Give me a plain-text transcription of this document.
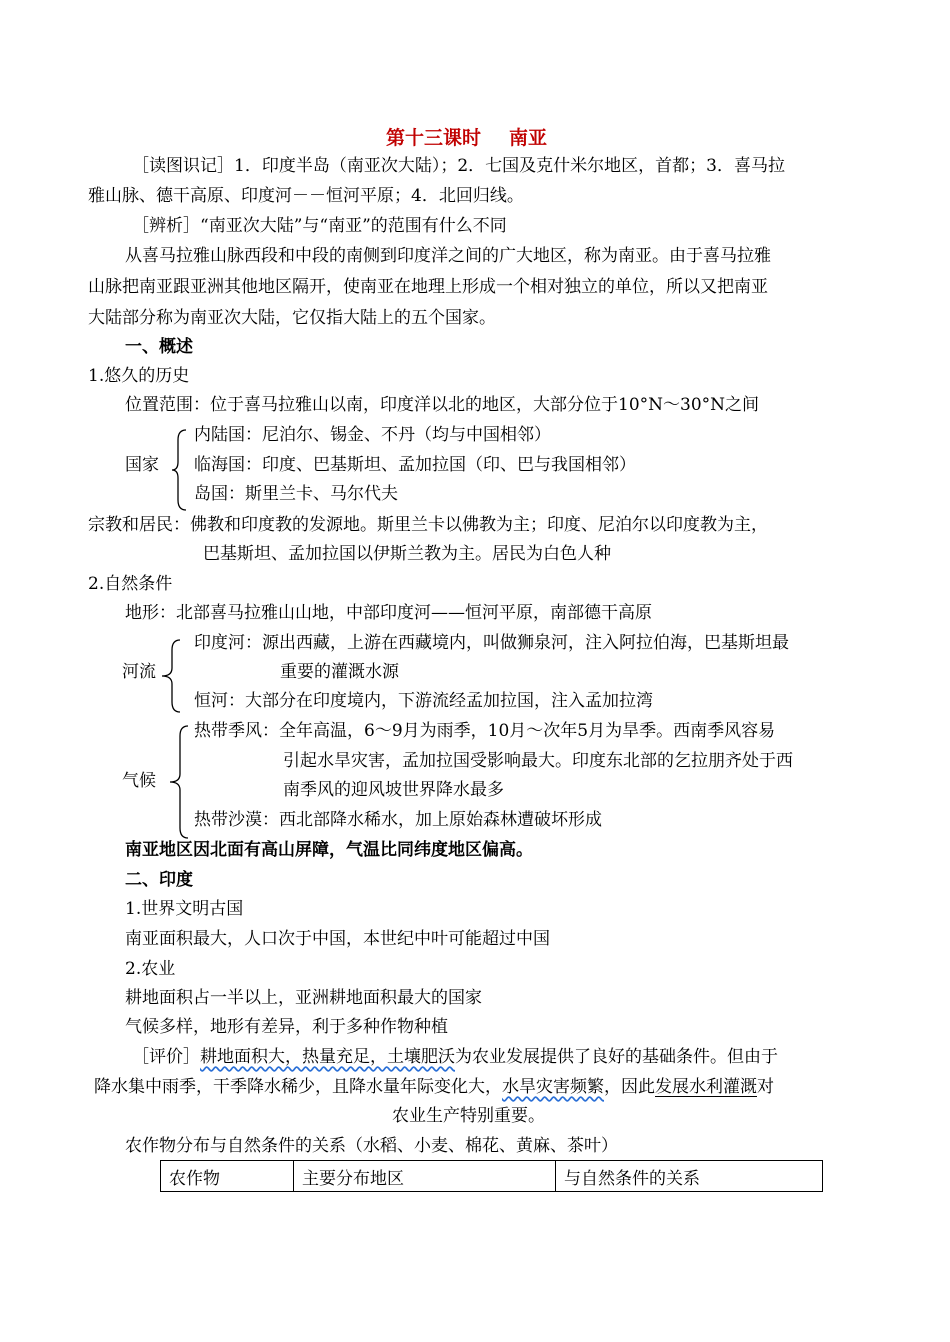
第十三课时 南亚
［读图识记］1．印度半岛（南亚次大陆）；2．七国及克什米尔地区，首都；3．喜马拉
雅山脉、德干高原、印度河－－恒河平原；4．北回归线。
［辨析］“南亚次大陆”与“南亚”的范围有什么不同
从喜马拉雅山脉西段和中段的南侧到印度洋之间的广大地区，称为南亚。由于喜马拉雅
山脉把南亚跟亚洲其他地区隔开，使南亚在地理上形成一个相对独立的单位，所以又把南亚
大陆部分称为南亚次大陆，它仅指大陆上的五个国家。
一、概述
1.悠久的历史
位置范围：位于喜马拉雅山以南，印度洋以北的地区，大部分位于10°N～30°N之间
国家
内陆国：尼泊尔、锡金、不丹（均与中国相邻）
临海国：印度、巴基斯坦、孟加拉国（印、巴与我国相邻）
岛国：斯里兰卡、马尔代夫
宗教和居民：佛教和印度教的发源地。斯里兰卡以佛教为主；印度、尼泊尔以印度教为主，
巴基斯坦、孟加拉国以伊斯兰教为主。居民为白色人种
2.自然条件
地形：北部喜马拉雅山山地，中部印度河——恒河平原，南部德干高原
河流
印度河：源出西藏，上游在西藏境内，叫做狮泉河，注入阿拉伯海，巴基斯坦最
重要的灌溉水源
恒河：大部分在印度境内，下游流经孟加拉国，注入孟加拉湾
气候
热带季风：全年高温，6～9月为雨季，10月～次年5月为旱季。西南季风容易
引起水旱灾害，孟加拉国受影响最大。印度东北部的乞拉朋齐处于西
南季风的迎风坡世界降水最多
热带沙漠：西北部降水稀水，加上原始森林遭破坏形成
南亚地区因北面有高山屏障，气温比同纬度地区偏高。
二、印度
1.世界文明古国
南亚面积最大，人口次于中国，本世纪中叶可能超过中国
2.农业
耕地面积占一半以上，亚洲耕地面积最大的国家
气候多样，地形有差异，利于多种作物种植
［评价］耕地面积大，热量充足，土壤肥沃为农业发展提供了良好的基础条件。但由于
降水集中雨季，干季降水稀少，且降水量年际变化大，水旱灾害频繁，因此发展水利灌溉对
农业生产特别重要。
农作物分布与自然条件的关系（水稻、小麦、棉花、黄麻、茶叶）
农作物	主要分布地区	与自然条件的关系
